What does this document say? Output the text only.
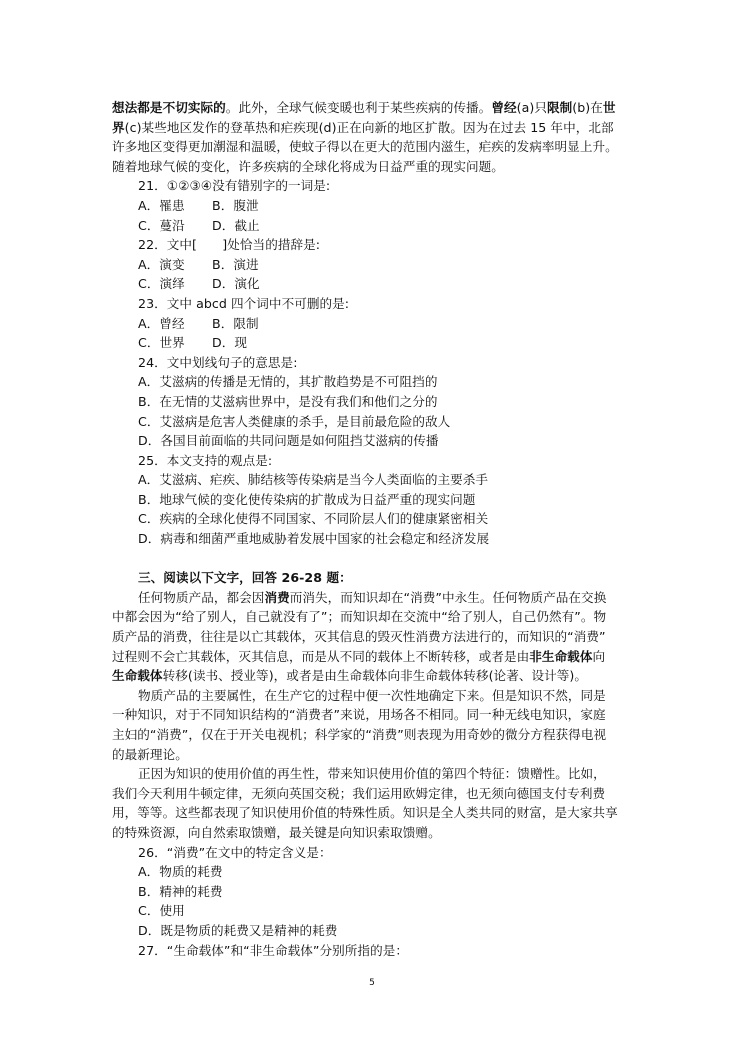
想法都是不切实际的。此外，全球气候变暖也利于某些疾病的传播。曾经(a)只限制(b)在世
界(c)某些地区发作的登革热和疟疾现(d)正在向新的地区扩散。因为在过去 15 年中，北部
许多地区变得更加潮湿和温暖，使蚊子得以在更大的范围内滋生，疟疾的发病率明显上升。
随着地球气候的变化，许多疾病的全球化将成为日益严重的现实问题。
21．①②③④没有错别字的一词是:
A．罹患 B．腹泄
C．蔓沿 D．截止
22．文中[　　]处恰当的措辞是:
A．演变 B．演进
C．演绎 D．演化
23．文中 abcd 四个词中不可删的是:
A．曾经 B．限制
C．世界 D．现
24．文中划线句子的意思是:
A．艾滋病的传播是无情的，其扩散趋势是不可阻挡的
B．在无情的艾滋病世界中，是没有我们和他们之分的
C．艾滋病是危害人类健康的杀手，是目前最危险的敌人
D．各国目前面临的共同问题是如何阻挡艾滋病的传播
25．本文支持的观点是:
A．艾滋病、疟疾、肺结核等传染病是当今人类面临的主要杀手
B．地球气候的变化使传染病的扩散成为日益严重的现实问题
C．疾病的全球化使得不同国家、不同阶层人们的健康紧密相关
D．病毒和细菌严重地威胁着发展中国家的社会稳定和经济发展
三、阅读以下文字，回答 26-28 题：
任何物质产品，都会因消费而消失，而知识却在“消费”中永生。任何物质产品在交换
中都会因为“给了别人，自己就没有了”；而知识却在交流中“给了别人，自己仍然有”。物
质产品的消费，往往是以亡其载体，灭其信息的毁灭性消费方法进行的，而知识的“消费”
过程则不会亡其载体，灭其信息，而是从不同的载体上不断转移，或者是由非生命载体向
生命载体转移(读书、授业等)，或者是由生命载体向非生命载体转移(论著、设计等)。
物质产品的主要属性，在生产它的过程中便一次性地确定下来。但是知识不然，同是
一种知识，对于不同知识结构的“消费者”来说，用场各不相同。同一种无线电知识，家庭
主妇的“消费”，仅在于开关电视机；科学家的“消费”则表现为用奇妙的微分方程获得电视
的最新理论。
正因为知识的使用价值的再生性，带来知识使用价值的第四个特征：馈赠性。比如，
我们今天利用牛顿定律，无须向英国交税；我们运用欧姆定律，也无须向德国支付专利费
用，等等。这些都表现了知识使用价值的特殊性质。知识是全人类共同的财富，是大家共享
的特殊资源，向自然索取馈赠，最关键是向知识索取馈赠。
26．“消费”在文中的特定含义是：
A．物质的耗费
B．精神的耗费
C．使用
D．既是物质的耗费又是精神的耗费
27．“生命载体”和“非生命载体”分别所指的是：
5
